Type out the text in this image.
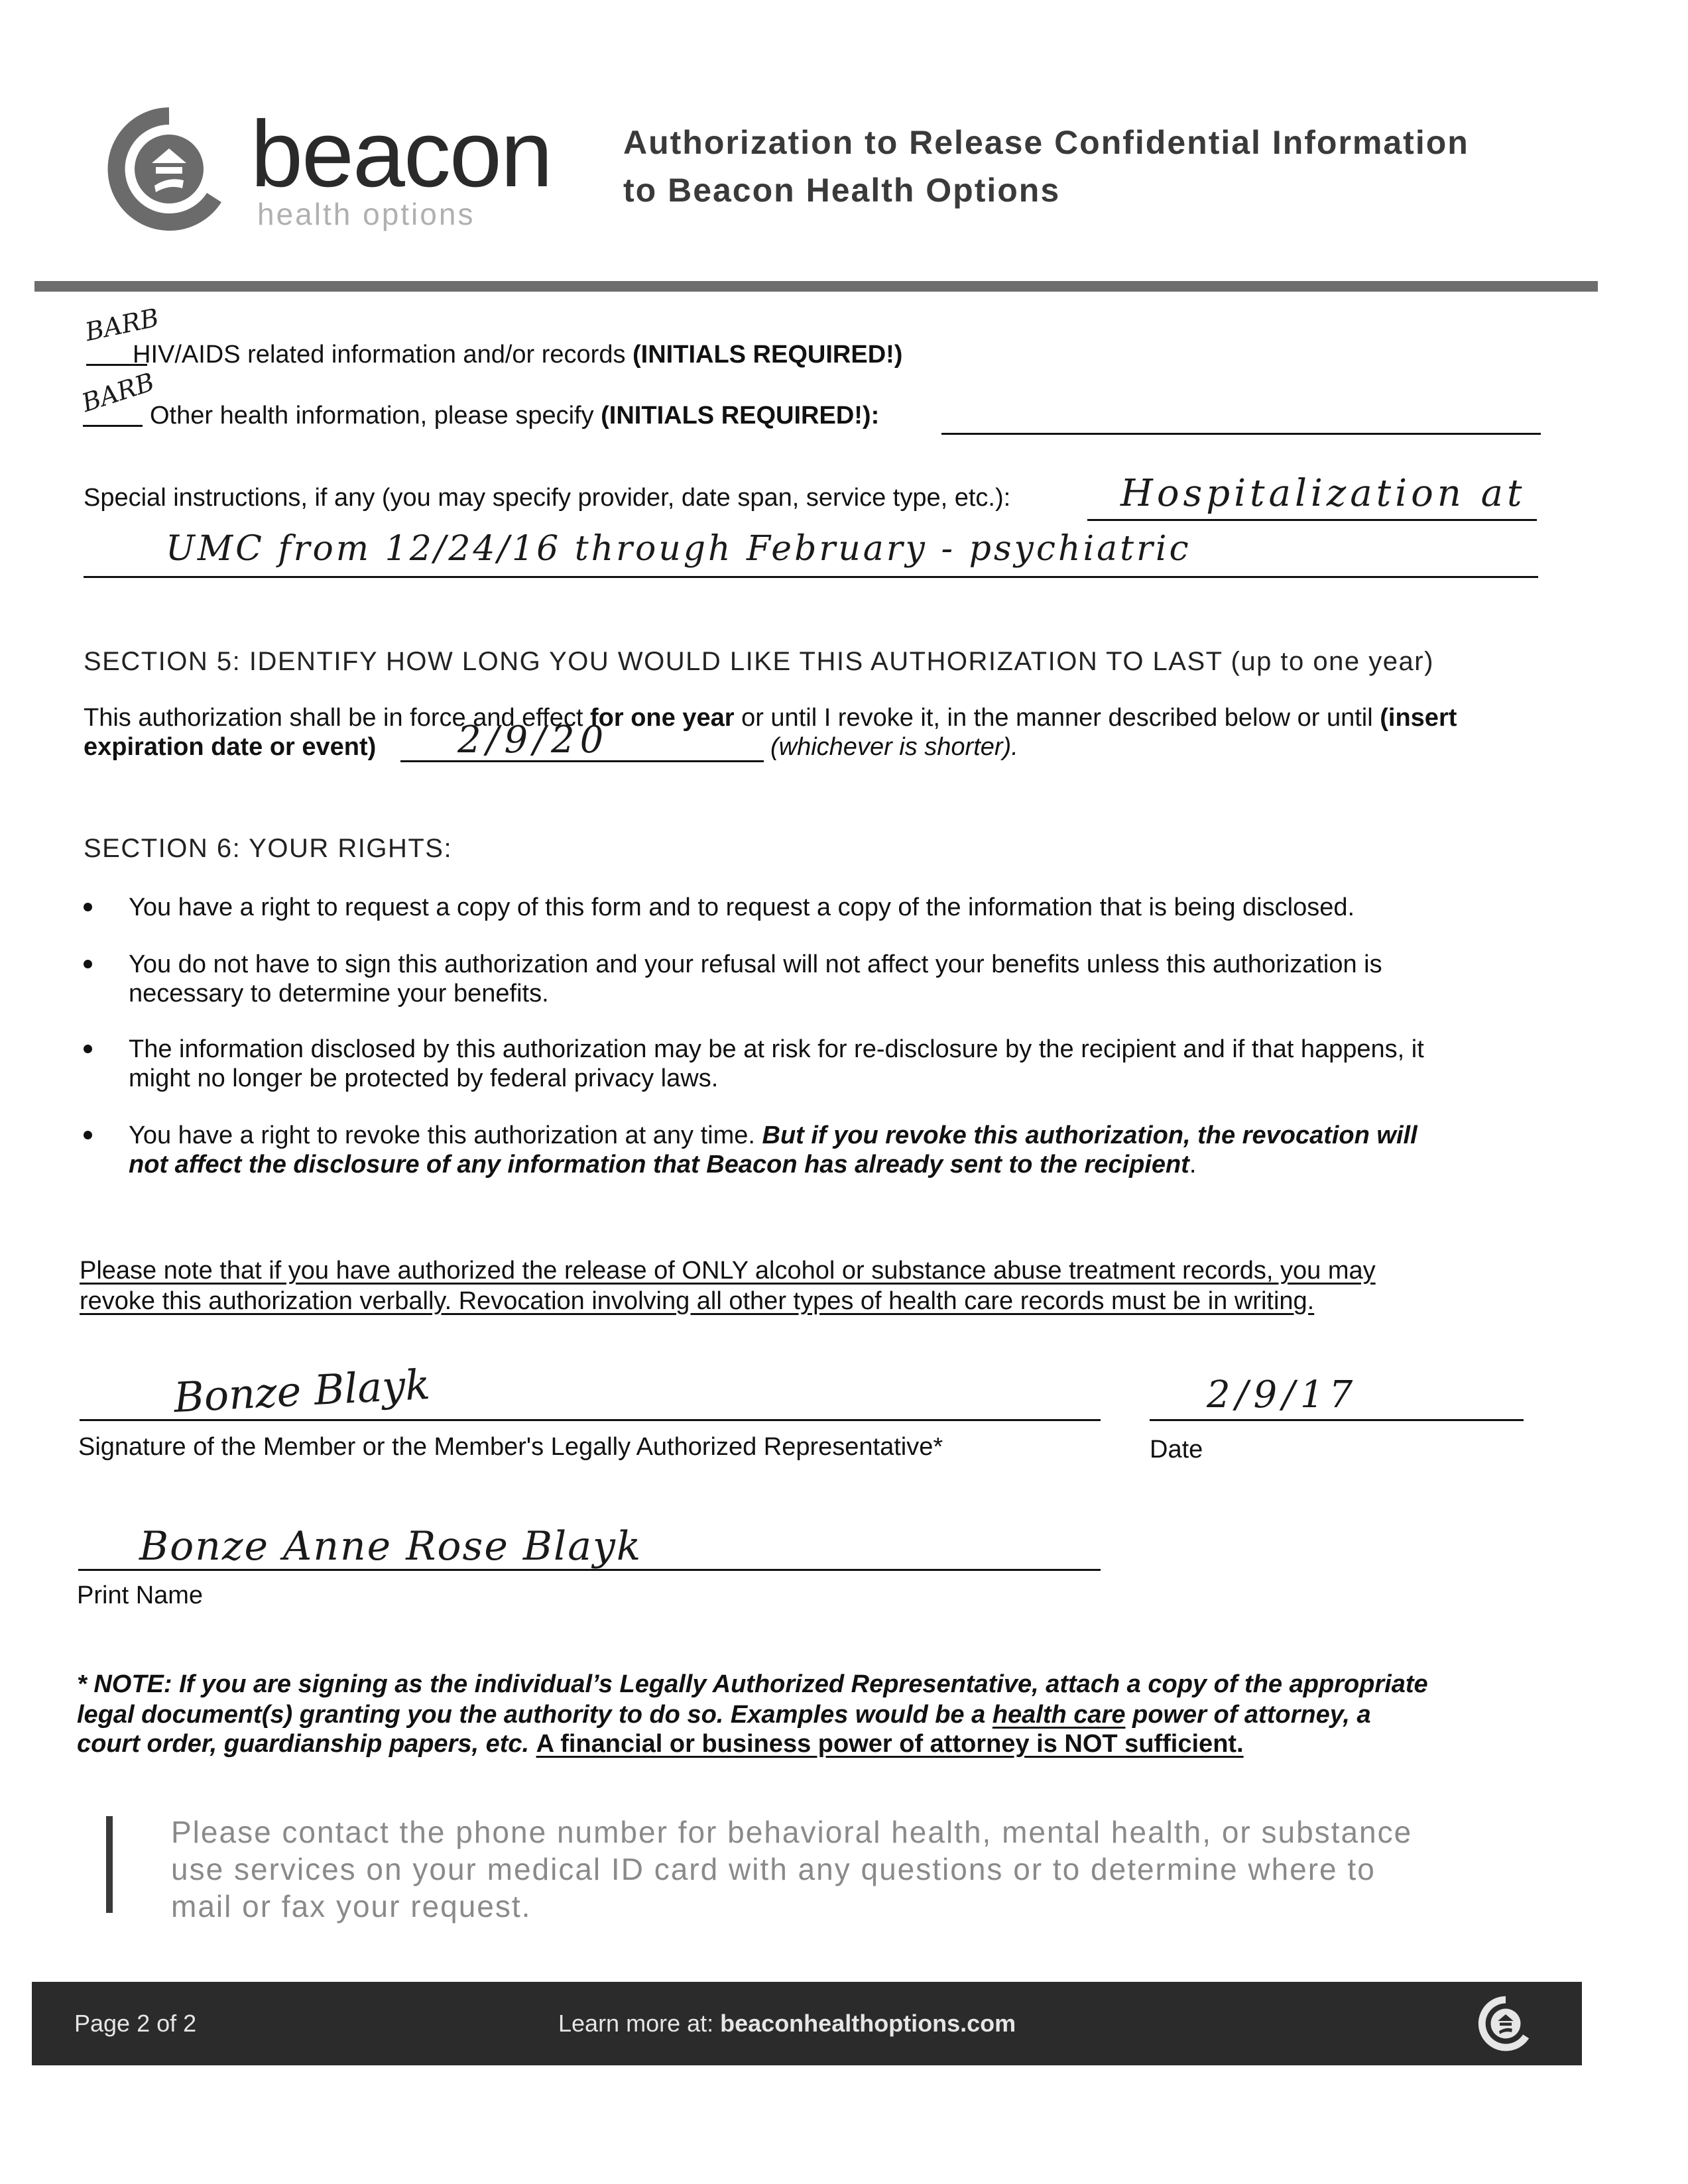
beacon
health options
Authorization to Release Confidential Information
to Beacon Health Options
BARB
HIV/AIDS related information and/or records (INITIALS REQUIRED!)
BARB
Other health information, please specify (INITIALS REQUIRED!):
Special instructions, if any (you may specify provider, date span, service type, etc.):	Hospitalization at
UMC from 12/24/16 through February - psychiatric
SECTION 5: IDENTIFY HOW LONG YOU WOULD LIKE THIS AUTHORIZATION TO LAST (up to one year)
This authorization shall be in force and effect for one year or until I revoke it, in the manner described below or until (insert
expiration date or event) 2/9/20	(whichever is shorter).
SECTION 6: YOUR RIGHTS:
You have a right to request a copy of this form and to request a copy of the information that is being disclosed.
You do not have to sign this authorization and your refusal will not affect your benefits unless this authorization is
necessary to determine your benefits.
The information disclosed by this authorization may be at risk for re-disclosure by the recipient and if that happens, it
might no longer be protected by federal privacy laws.
You have a right to revoke this authorization at any time. But if you revoke this authorization, the revocation will
not affect the disclosure of any information that Beacon has already sent to the recipient.
Please note that if you have authorized the release of ONLY alcohol or substance abuse treatment records, you may
revoke this authorization verbally. Revocation involving all other types of health care records must be in writing.
Bonze Blayk
Signature of the Member or the Member's Legally Authorized Representative*
2/9/17
Date
Bonze Anne Rose Blayk
Print Name
* NOTE: If you are signing as the individual’s Legally Authorized Representative, attach a copy of the appropriate
legal document(s) granting you the authority to do so. Examples would be a health care power of attorney, a
court order, guardianship papers, etc. A financial or business power of attorney is NOT sufficient.
Please contact the phone number for behavioral health, mental health, or substance
use services on your medical ID card with any questions or to determine where to
mail or fax your request.
Page 2 of 2	Learn more at: beaconhealthoptions.com
